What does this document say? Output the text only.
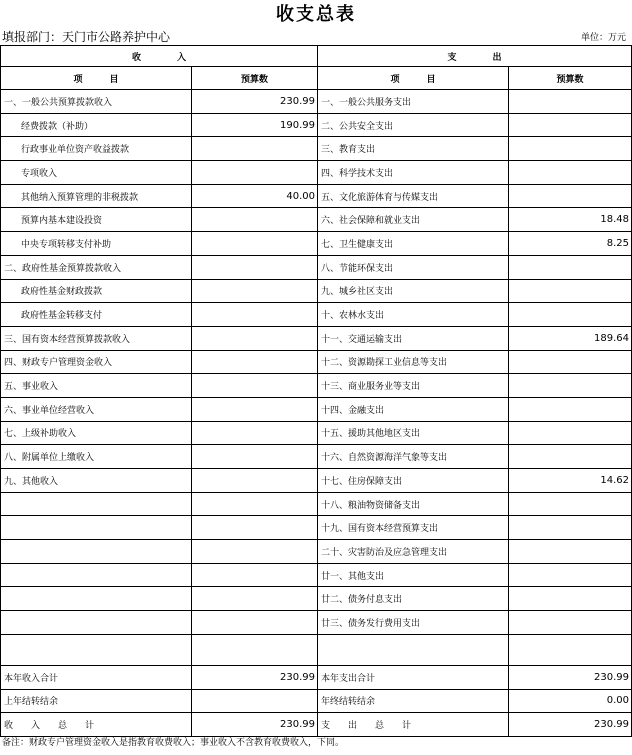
收支总表
填报部门：天门市公路养护中心	单位：万元
收　　　　入		支　　　　出	
项　　　目	预算数	项　　　目	预算数
一、一般公共预算拨款收入	230.99	一、一般公共服务支出	
经费拨款（补助）	190.99	二、公共安全支出	
行政事业单位资产收益拨款		三、教育支出	
专项收入		四、科学技术支出	
其他纳入预算管理的非税拨款	40.00	五、文化旅游体育与传媒支出	
预算内基本建设投资		六、社会保障和就业支出	18.48
中央专项转移支付补助		七、卫生健康支出	8.25
二、政府性基金预算拨款收入		八、节能环保支出	
政府性基金财政拨款		九、城乡社区支出	
政府性基金转移支付		十、农林水支出	
三、国有资本经营预算拨款收入		十一、交通运输支出	189.64
四、财政专户管理资金收入		十二、资源勘探工业信息等支出	
五、事业收入		十三、商业服务业等支出	
六、事业单位经营收入		十四、金融支出	
七、上级补助收入		十五、援助其他地区支出	
八、附属单位上缴收入		十六、自然资源海洋气象等支出	
九、其他收入		十七、住房保障支出	14.62
		十八、粮油物资储备支出	
		十九、国有资本经营预算支出	
		二十、灾害防治及应急管理支出	
		廿一、其他支出	
		廿二、债务付息支出	
		廿三、债务发行费用支出	

本年收入合计	230.99	本年支出合计	230.99
上年结转结余		年终结转结余	0.00
收　　入　　总　　计	230.99	支　　出　　总　　计	230.99
备注：财政专户管理资金收入是指教育收费收入；事业收入不含教育收费收入，下同。
